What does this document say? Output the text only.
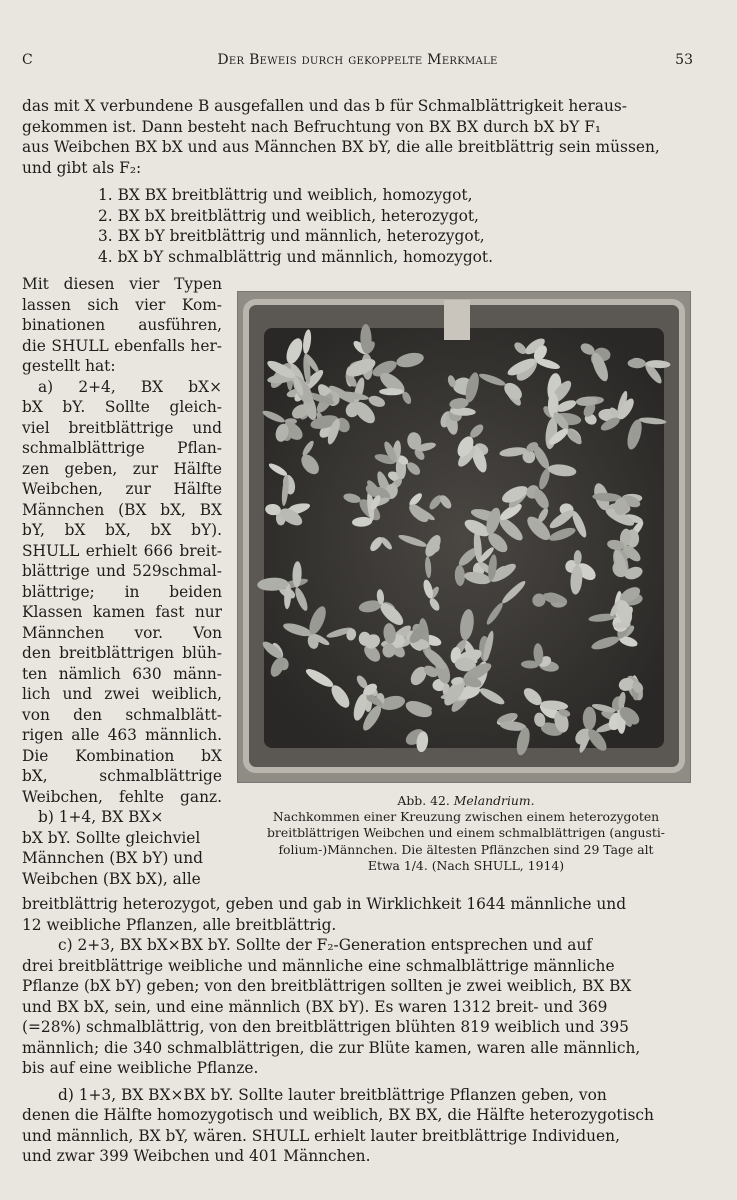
C	Der Beweis durch gekoppelte Merkmale	53
das mit X verbundene B ausgefallen und das b für Schmalblättrigkeit heraus-
gekommen ist. Dann besteht nach Befruchtung von BX BX durch bX bY F₁
aus Weibchen BX bX und aus Männchen BX bY, die alle breitblättrig sein müssen,
und gibt als F₂:
1. BX BX breitblättrig und weiblich, homozygot,
2. BX bX breitblättrig und weiblich, heterozygot,
3. BX bY breitblättrig und männlich, heterozygot,
4. bX bY schmalblättrig und männlich, homozygot.
Mit diesen vier Typen
lassen sich vier Kom-
binationen ausführen,
die SHULL ebenfalls her-
gestellt hat:
a) 2+4, BX bX×
bX bY. Sollte gleich-
viel breitblättrige und
schmalblättrige Pflan-
zen geben, zur Hälfte
Weibchen, zur Hälfte
Männchen (BX bX, BX
bY, bX bX, bX bY).
SHULL erhielt 666 breit-
blättrige und 529schmal-
blättrige; in beiden
Klassen kamen fast nur
Männchen vor. Von
den breitblättrigen blüh-
ten nämlich 630 männ-
lich und zwei weiblich,
von den schmalblätt-
rigen alle 463 männlich.
Die Kombination bX
bX, schmalblättrige
Weibchen, fehlte ganz.
b) 1+4, BX BX×
bX bY. Sollte gleichviel
Männchen (BX bY) und
Weibchen (BX bX), alle
Abb. 42. Melandrium.
Nachkommen einer Kreuzung zwischen einem heterozygoten
breitblättrigen Weibchen und einem schmalblättrigen (angusti-
folium-)Männchen. Die ältesten Pflänzchen sind 29 Tage alt
Etwa 1/4. (Nach SHULL, 1914)
breitblättrig heterozygot, geben und gab in Wirklichkeit 1644 männliche und
12 weibliche Pflanzen, alle breitblättrig.
c) 2+3, BX bX×BX bY. Sollte der F₂-Generation entsprechen und auf
drei breitblättrige weibliche und männliche eine schmalblättrige männliche
Pflanze (bX bY) geben; von den breitblättrigen sollten je zwei weiblich, BX BX
und BX bX, sein, und eine männlich (BX bY). Es waren 1312 breit- und 369
(=28%) schmalblättrig, von den breitblättrigen blühten 819 weiblich und 395
männlich; die 340 schmalblättrigen, die zur Blüte kamen, waren alle männlich,
bis auf eine weibliche Pflanze.
d) 1+3, BX BX×BX bY. Sollte lauter breitblättrige Pflanzen geben, von
denen die Hälfte homozygotisch und weiblich, BX BX, die Hälfte heterozygotisch
und männlich, BX bY, wären. SHULL erhielt lauter breitblättrige Individuen,
und zwar 399 Weibchen und 401 Männchen.
